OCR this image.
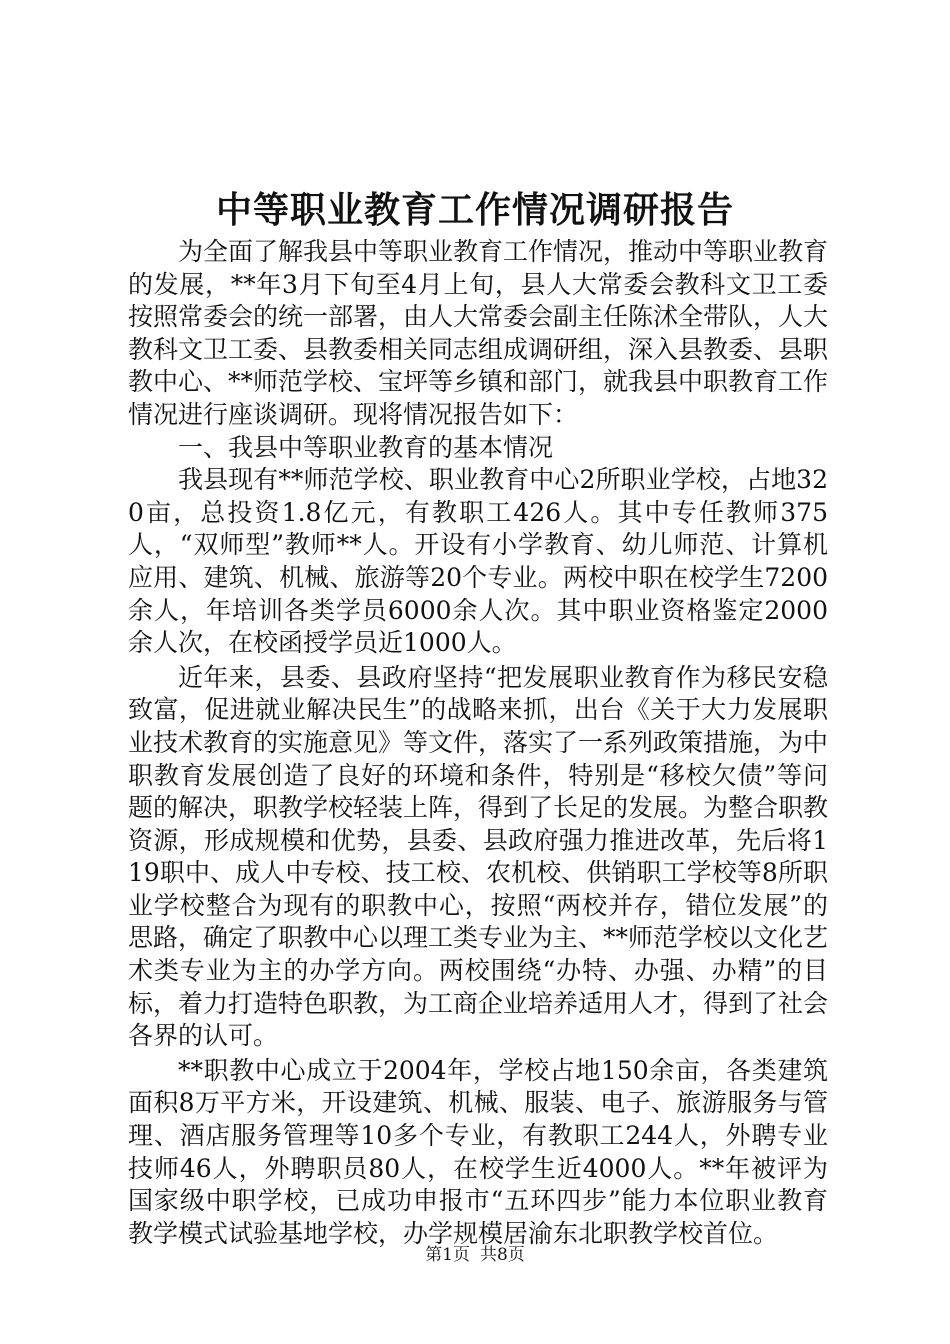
中等职业教育工作情况调研报告

为全面了解我县中等职业教育工作情况，推动中等职业教育的发展，**年3月下旬至4月上旬，县人大常委会教科文卫工委按照常委会的统一部署，由人大常委会副主任陈沭全带队，人大教科文卫工委、县教委相关同志组成调研组，深入县教委、县职教中心、**师范学校、宝坪等乡镇和部门，就我县中职教育工作情况进行座谈调研。现将情况报告如下：

一、我县中等职业教育的基本情况

我县现有**师范学校、职业教育中心2所职业学校，占地320亩，总投资1.8亿元，有教职工426人。其中专任教师375人，“双师型”教师**人。开设有小学教育、幼儿师范、计算机应用、建筑、机械、旅游等20个专业。两校中职在校学生7200余人，年培训各类学员6000余人次。其中职业资格鉴定2000余人次，在校函授学员近1000人。

近年来，县委、县政府坚持“把发展职业教育作为移民安稳致富，促进就业解决民生”的战略来抓，出台《关于大力发展职业技术教育的实施意见》等文件，落实了一系列政策措施，为中职教育发展创造了良好的环境和条件，特别是“移校欠债”等问题的解决，职教学校轻装上阵，得到了长足的发展。为整合职教资源，形成规模和优势，县委、县政府强力推进改革，先后将119职中、成人中专校、技工校、农机校、供销职工学校等8所职业学校整合为现有的职教中心，按照“两校并存，错位发展”的思路，确定了职教中心以理工类专业为主、**师范学校以文化艺术类专业为主的办学方向。两校围绕“办特、办强、办精”的目标，着力打造特色职教，为工商企业培养适用人才，得到了社会各界的认可。

**职教中心成立于2004年，学校占地150余亩，各类建筑面积8万平方米，开设建筑、机械、服装、电子、旅游服务与管理、酒店服务管理等10多个专业，有教职工244人，外聘专业技师46人，外聘职员80人，在校学生近4000人。**年被评为国家级中职学校，已成功申报市“五环四步”能力本位职业教育教学模式试验基地学校，办学规模居渝东北职教学校首位。

第1页 共8页
